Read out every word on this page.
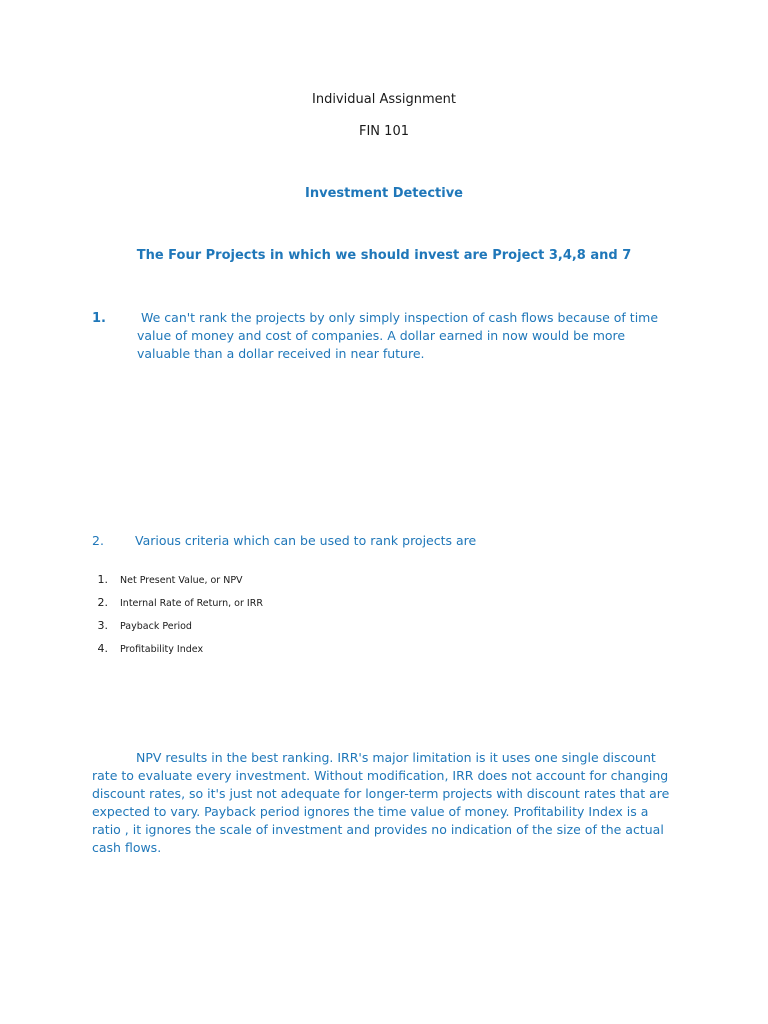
Individual Assignment
FIN 101
Investment Detective
The Four Projects in which we should invest are Project 3,4,8 and 7
1.	We can't rank the projects by only simply inspection of cash flows because of time
value of money and cost of companies. A dollar earned in now would be more
valuable than a dollar received in near future.
2. Various criteria which can be used to rank projects are
1. Net Present Value, or NPV
2. Internal Rate of Return, or IRR
3. Payback Period
4. Profitability Index
NPV results in the best ranking. IRR's major limitation is it uses one single discount
rate to evaluate every investment. Without modification, IRR does not account for changing
discount rates, so it's just not adequate for longer-term projects with discount rates that are
expected to vary. Payback period ignores the time value of money. Profitability Index is a
ratio , it ignores the scale of investment and provides no indication of the size of the actual
cash flows.
